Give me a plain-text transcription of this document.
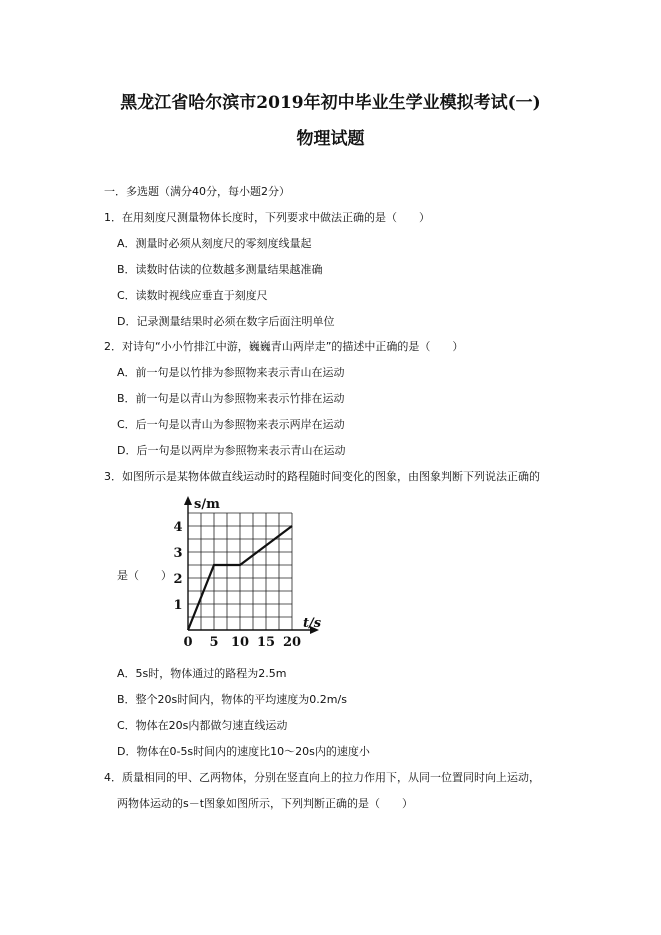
黑龙江省哈尔滨市2019年初中毕业生学业模拟考试(一)
物理试题
一．多选题（满分40分，每小题2分）
1．在用刻度尺测量物体长度时，下列要求中做法正确的是（　　）
A．测量时必须从刻度尺的零刻度线量起
B．读数时估读的位数越多测量结果越准确
C．读数时视线应垂直于刻度尺
D．记录测量结果时必须在数字后面注明单位
2．对诗句“小小竹排江中游，巍巍青山两岸走”的描述中正确的是（　　）
A．前一句是以竹排为参照物来表示青山在运动
B．前一句是以青山为参照物来表示竹排在运动
C．后一句是以青山为参照物来表示两岸在运动
D．后一句是以两岸为参照物来表示青山在运动
3．如图所示是某物体做直线运动时的路程随时间变化的图象，由图象判断下列说法正确的
是（　　）
0 5 10 15 20
1
2
3
4
s/m
t/s
A．5s时，物体通过的路程为2.5m
B．整个20s时间内，物体的平均速度为0.2m/s
C．物体在20s内都做匀速直线运动
D．物体在0-5s时间内的速度比10～20s内的速度小
4．质量相同的甲、乙两物体，分别在竖直向上的拉力作用下，从同一位置同时向上运动，
两物体运动的s－t图象如图所示，下列判断正确的是（　　）
